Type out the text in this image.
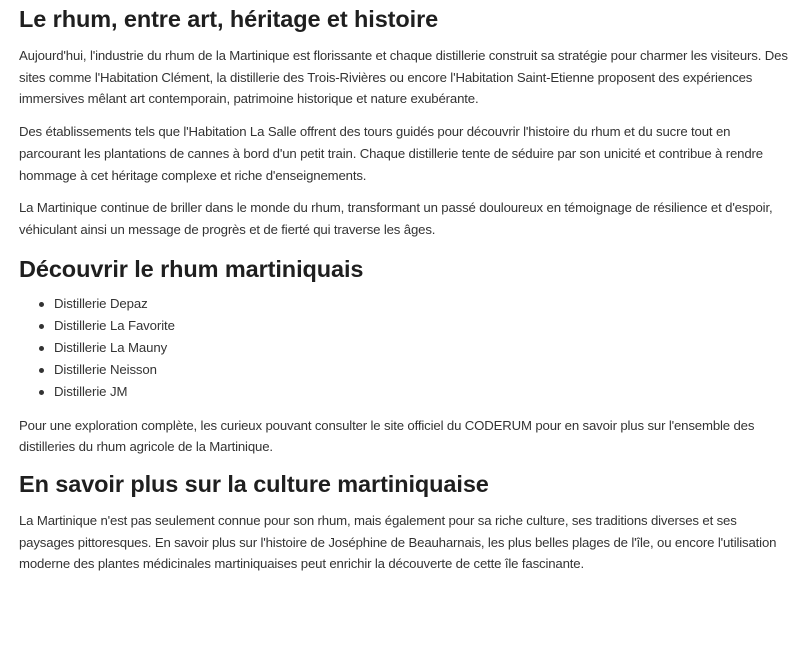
Le rhum, entre art, héritage et histoire

Aujourd'hui, l'industrie du rhum de la Martinique est florissante et chaque distillerie construit sa stratégie pour charmer les visiteurs. Des sites comme l'Habitation Clément, la distillerie des Trois-Rivières ou encore l'Habitation Saint-Etienne proposent des expériences immersives mêlant art contemporain, patrimoine historique et nature exubérante.

Des établissements tels que l'Habitation La Salle offrent des tours guidés pour découvrir l'histoire du rhum et du sucre tout en parcourant les plantations de cannes à bord d'un petit train. Chaque distillerie tente de séduire par son unicité et contribue à rendre hommage à cet héritage complexe et riche d'enseignements.

La Martinique continue de briller dans le monde du rhum, transformant un passé douloureux en témoignage de résilience et d'espoir, véhiculant ainsi un message de progrès et de fierté qui traverse les âges.

Découvrir le rhum martiniquais
Distillerie Depaz
Distillerie La Favorite
Distillerie La Mauny
Distillerie Neisson
Distillerie JM

Pour une exploration complète, les curieux pouvant consulter le site officiel du CODERUM pour en savoir plus sur l'ensemble des distilleries du rhum agricole de la Martinique.

En savoir plus sur la culture martiniquaise

La Martinique n'est pas seulement connue pour son rhum, mais également pour sa riche culture, ses traditions diverses et ses paysages pittoresques. En savoir plus sur l'histoire de Joséphine de Beauharnais, les plus belles plages de l'île, ou encore l'utilisation moderne des plantes médicinales martiniquaises peut enrichir la découverte de cette île fascinante.
